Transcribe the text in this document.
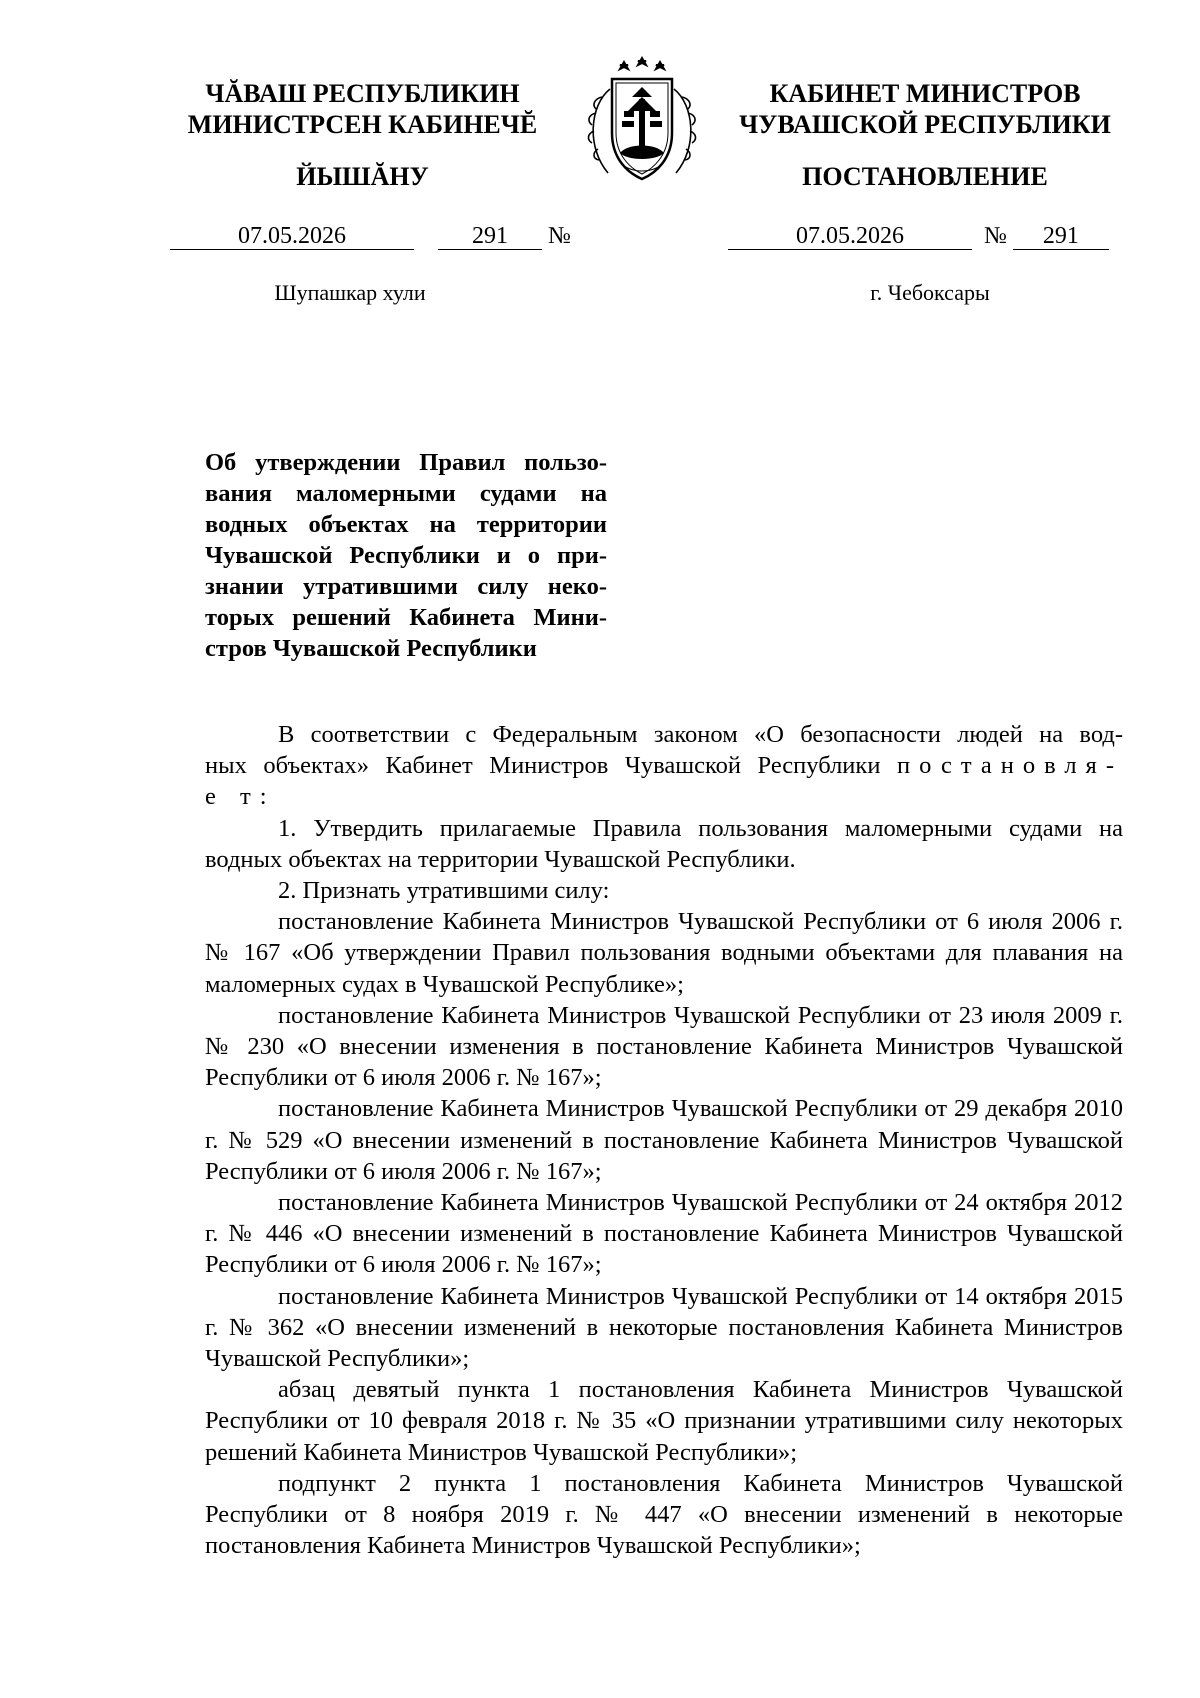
ЧĂВАШ РЕСПУБЛИКИН
МИНИСТРСЕН КАБИНЕЧĔ
ЙЫШĂНУ
07.05.2026	291 №
Шупашкар хули
КАБИНЕТ МИНИСТРОВ
ЧУВАШСКОЙ РЕСПУБЛИКИ
ПОСТАНОВЛЕНИЕ
07.05.2026	№ 291
г. Чебоксары
Об утверждении Правил пользо-
вания маломерными судами на
водных объектах на территории
Чувашской Республики и о при-
знании утратившими силу неко-
торых решений Кабинета Мини-
стров Чувашской Республики
В соответствии с Федеральным законом «О безопасности людей на вод-
ных объектах» Кабинет Министров Чувашской Республики постановля-
е т:

1. Утвердить прилагаемые Правила пользования маломерными судами на водных объектах на территории Чувашской Республики.

2. Признать утратившими силу:

постановление Кабинета Министров Чувашской Республики от 6 июля 2006 г. № 167 «Об утверждении Правил пользования водными объектами для плавания на маломерных судах в Чувашской Республике»;

постановление Кабинета Министров Чувашской Республики от 23 июля 2009 г. № 230 «О внесении изменения в постановление Кабинета Министров Чувашской Республики от 6 июля 2006 г. № 167»;

постановление Кабинета Министров Чувашской Республики от 29 декабря 2010 г. № 529 «О внесении изменений в постановление Кабинета Министров Чувашской Республики от 6 июля 2006 г. № 167»;

постановление Кабинета Министров Чувашской Республики от 24 октября 2012 г. № 446 «О внесении изменений в постановление Кабинета Министров Чувашской Республики от 6 июля 2006 г. № 167»;

постановление Кабинета Министров Чувашской Республики от 14 октября 2015 г. № 362 «О внесении изменений в некоторые постановления Кабинета Министров Чувашской Республики»;

абзац девятый пункта 1 постановления Кабинета Министров Чувашской Республики от 10 февраля 2018 г. № 35 «О признании утратившими силу некоторых решений Кабинета Министров Чувашской Республики»;

подпункт 2 пункта 1 постановления Кабинета Министров Чувашской Республики от 8 ноября 2019 г. № 447 «О внесении изменений в некоторые постановления Кабинета Министров Чувашской Республики»;
